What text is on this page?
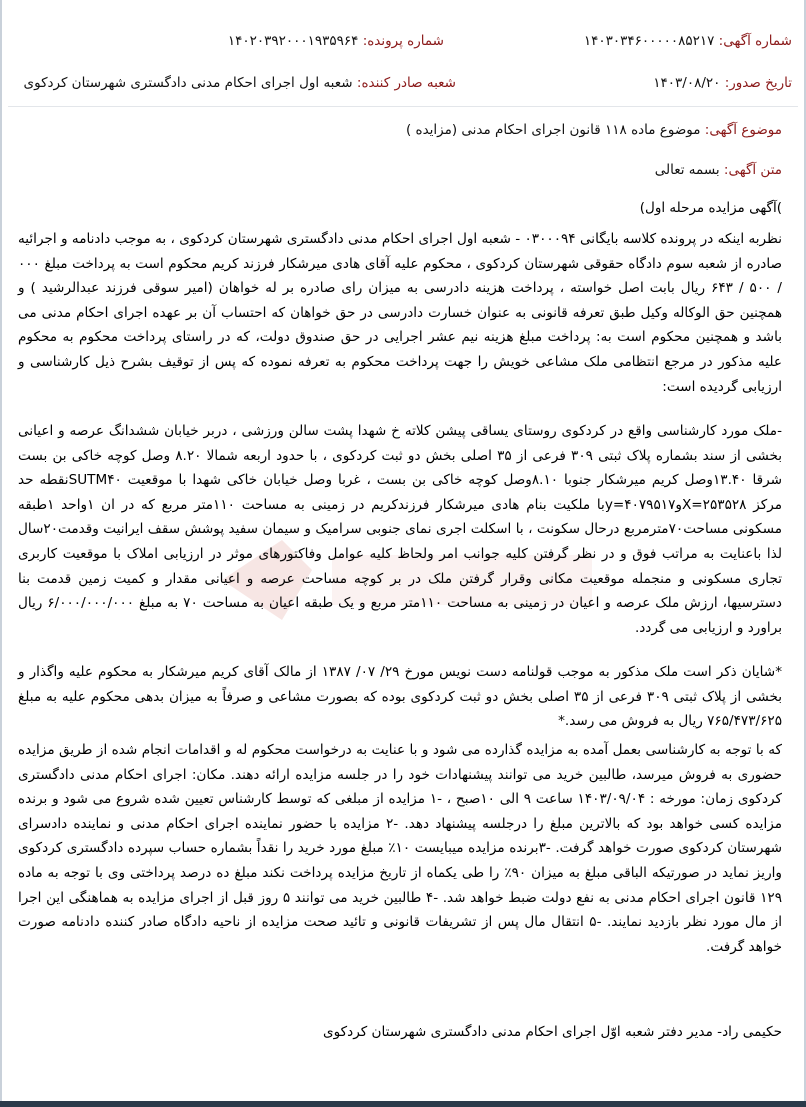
شماره آگهی: ۱۴۰۳۰۳۴۶۰۰۰۰۰۸۵۲۱۷
شماره پرونده: ۱۴۰۲۰۳۹۲۰۰۰۱۹۳۵۹۶۴
تاریخ صدور: ۱۴۰۳/۰۸/۲۰
شعبه صادر کننده: شعبه اول اجرای احکام مدنی دادگستری شهرستان کردکوی
موضوع آگهی: موضوع ماده ۱۱۸ قانون اجرای احکام مدنی (مزایده )
متن آگهی: بسمه تعالی
)آگهی مزایده مرحله اول)

نظربه اینکه در پرونده کلاسه بایگانی ۰۳۰۰۰۹۴ - شعبه اول اجرای احکام مدنی دادگستری شهرستان کردکوی ، به موجب دادنامه و اجرائیه صادره از شعبه سوم دادگاه حقوقی شهرستان کردکوی ، محکوم علیه آقای هادی میرشکار فرزند کریم محکوم است به پرداخت مبلغ ۰۰۰ / ۵۰۰ / ۶۴۳ ریال بابت اصل خواسته ، پرداخت هزینه دادرسی به میزان رای صادره بر له خواهان (امیر سوقی فرزند عبدالرشید ) و همچنین حق الوکاله وکیل طبق تعرفه قانونی به عنوان خسارت دادرسی در حق خواهان که احتساب آن بر عهده اجرای احکام مدنی می باشد و همچنین محکوم است به: پرداخت مبلغ هزینه نیم عشر اجرایی در حق صندوق دولت، که در راستای پرداخت محکوم به محکوم علیه مذکور در مرجع انتظامی ملک مشاعی خویش را جهت پرداخت محکوم به تعرفه نموده که پس از توقیف بشرح ذیل کارشناسی و ارزیابی گردیده است:

-ملک مورد کارشناسی واقع در کردکوی روستای یساقی پیشن کلاته خ شهدا پشت سالن ورزشی ، دربر خیابان ششدانگ عرصه و اعیانی بخشی از سند بشماره پلاک ثبتی ۳۰۹ فرعی از ۳۵ اصلی بخش دو ثبت کردکوی ، با حدود اربعه شمالا ۸.۲۰ وصل کوچه خاکی بن بست شرقا ۱۳.۴۰وصل کریم میرشکار جنوبا ۸.۱۰وصل کوچه خاکی بن بست ، غربا وصل خیابان خاکی شهدا با موقعیت SUTM۴۰نقطه حد مرکز X=۲۵۳۵۲۸وy=۴۰۷۹۵۱۷با ملکیت بنام هادی میرشکار فرزندکریم در زمینی به مساحت ۱۱۰متر مربع که در ان ۱واحد ۱طبقه مسکونی مساحت۷۰مترمربع درحال سکونت ، با اسکلت اجری نمای جنوبی سرامیک و سیمان سفید پوشش سقف ایرانیت وقدمت۲۰سال لذا باعنایت به مراتب فوق و در نظر گرفتن کلیه جوانب امر ولحاظ کلیه عوامل وفاکتورهای موثر در ارزیابی املاک با موقعیت کاربری تجاری مسکونی و منجمله موقعیت مکانی وقرار گرفتن ملک در بر کوچه مساحت عرصه و اعیانی مقدار و کمیت زمین قدمت بنا دسترسیها، ارزش ملک عرصه و اعیان در زمینی به مساحت ۱۱۰متر مربع و یک طبقه اعیان به مساحت ۷۰ به مبلغ ۶/۰۰۰/۰۰۰/۰۰۰ ریال براورد و ارزیابی می گردد.

*شایان ذکر است ملک مذکور به موجب قولنامه دست نویس مورخ ۲۹/ ۰۷/ ۱۳۸۷ از مالک آقای کریم میرشکار به محکوم علیه واگذار و بخشی از پلاک ثبتی ۳۰۹ فرعی از ۳۵ اصلی بخش دو ثبت کردکوی بوده که بصورت مشاعی و صرفاً به میزان بدهی محکوم علیه به مبلغ ۷۶۵/۴۷۳/۶۲۵ ریال به فروش می رسد.*

که با توجه به کارشناسی بعمل آمده به مزایده گذارده می شود و با عنایت به درخواست محکوم له و اقدامات انجام شده از طریق مزایده حضوری به فروش میرسد، طالبین خرید می توانند پیشنهادات خود را در جلسه مزایده ارائه دهند. مکان: اجرای احکام مدنی دادگستری کردکوی زمان: مورخه : ۱۴۰۳/۰۹/۰۴ ساعت ۹ الی ۱۰صبح ، -۱ مزایده از مبلغی که توسط کارشناس تعیین شده شروع می شود و برنده مزایده کسی خواهد بود که بالاترین مبلغ را درجلسه پیشنهاد دهد. -۲ مزایده با حضور نماینده اجرای احکام مدنی و نماینده دادسرای شهرستان کردکوی صورت خواهد گرفت. -۳برنده مزایده میبایست ۱۰٪ مبلغ مورد خرید را نقداً بشماره حساب سپرده دادگستری کردکوی واریز نماید در صورتیکه الباقی مبلغ به میزان ۹۰٪ را طی یکماه از تاریخ مزایده پرداخت نکند مبلغ ده درصد پرداختی وی با توجه به ماده ۱۲۹ قانون اجرای احکام مدنی به نفع دولت ضبط خواهد شد. -۴ طالبین خرید می توانند ۵ روز قبل از اجرای مزایده به هماهنگی این اجرا از مال مورد نظر بازدید نمایند. -۵ انتقال مال پس از تشریفات قانونی و تائید صحت مزایده از ناحیه دادگاه صادر کننده دادنامه صورت خواهد گرفت.

حکیمی راد- مدیر دفتر شعبه اوّل اجرای احکام مدنی دادگستری شهرستان کردکوی
